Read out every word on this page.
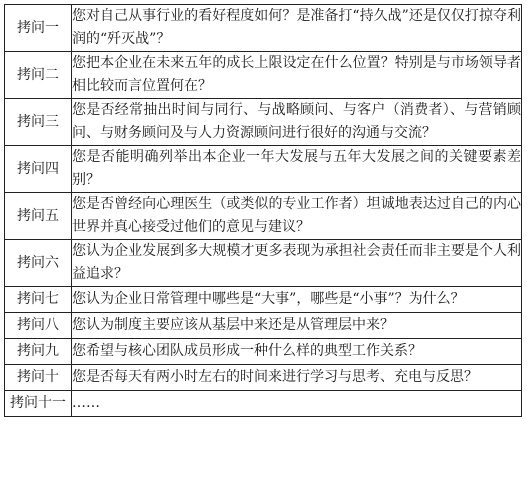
拷问一	您对自己从事行业的看好程度如何？是准备打“持久战”还是仅仅打掠夺利润的“歼灭战”？
拷问二	您把本企业在未来五年的成长上限设定在什么位置？特别是与市场领导者相比较而言位置何在？
拷问三	您是否经常抽出时间与同行、与战略顾问、与客户（消费者）、与营销顾问、与财务顾问及与人力资源顾问进行很好的沟通与交流？
拷问四	您是否能明确列举出本企业一年大发展与五年大发展之间的关键要素差别？
拷问五	您是否曾经向心理医生（或类似的专业工作者）坦诚地表达过自己的内心世界并真心接受过他们的意见与建议？
拷问六	您认为企业发展到多大规模才更多表现为承担社会责任而非主要是个人利益追求？
拷问七	您认为企业日常管理中哪些是“大事”，哪些是“小事”？为什么？
拷问八	您认为制度主要应该从基层中来还是从管理层中来？
拷问九	您希望与核心团队成员形成一种什么样的典型工作关系？
拷问十	您是否每天有两小时左右的时间来进行学习与思考、充电与反思？
拷问十一	……
